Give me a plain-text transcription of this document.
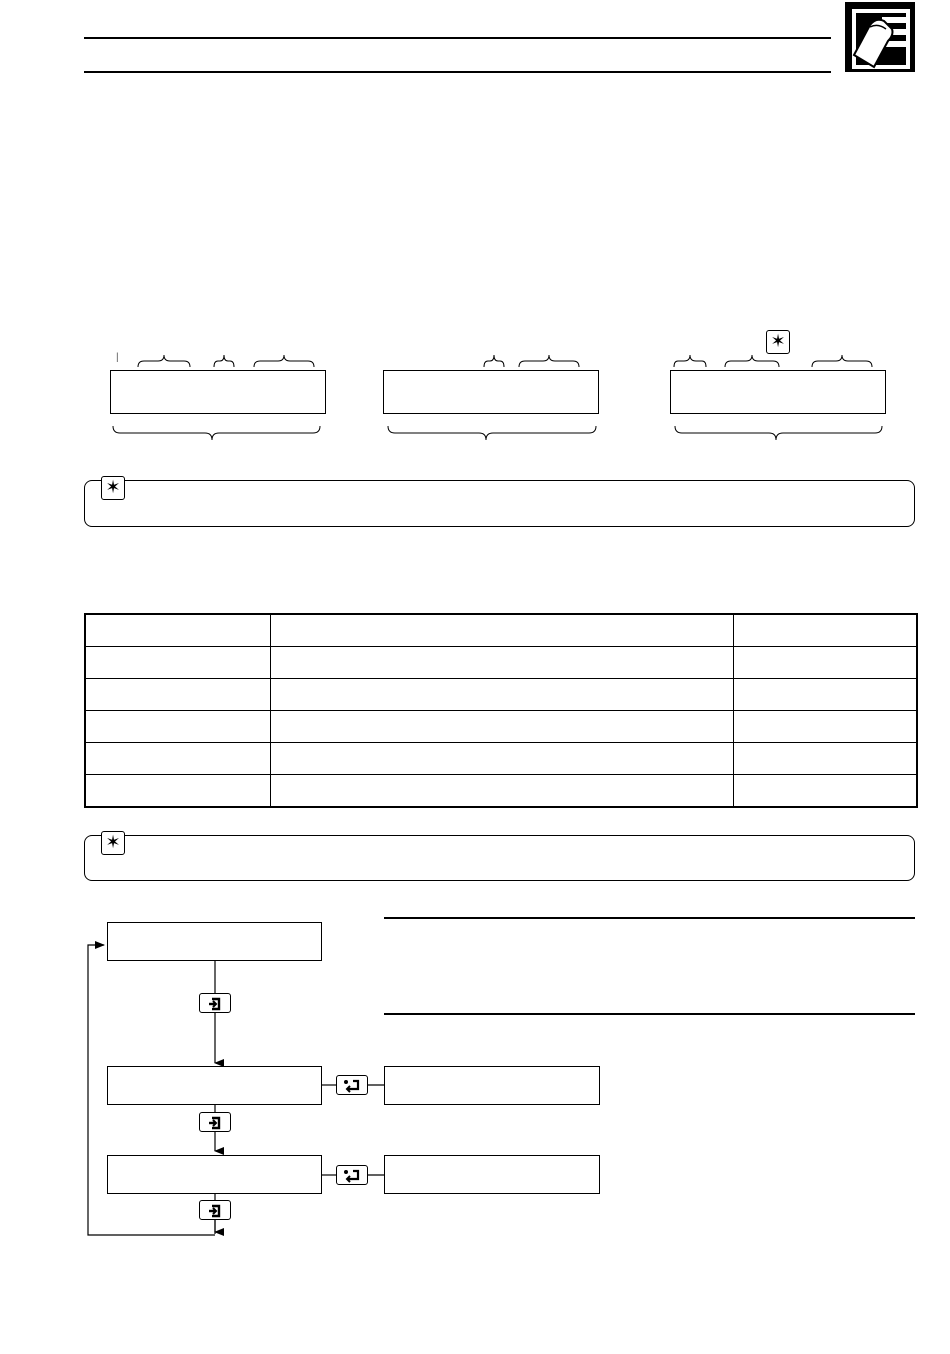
|
✶
✶

✶
